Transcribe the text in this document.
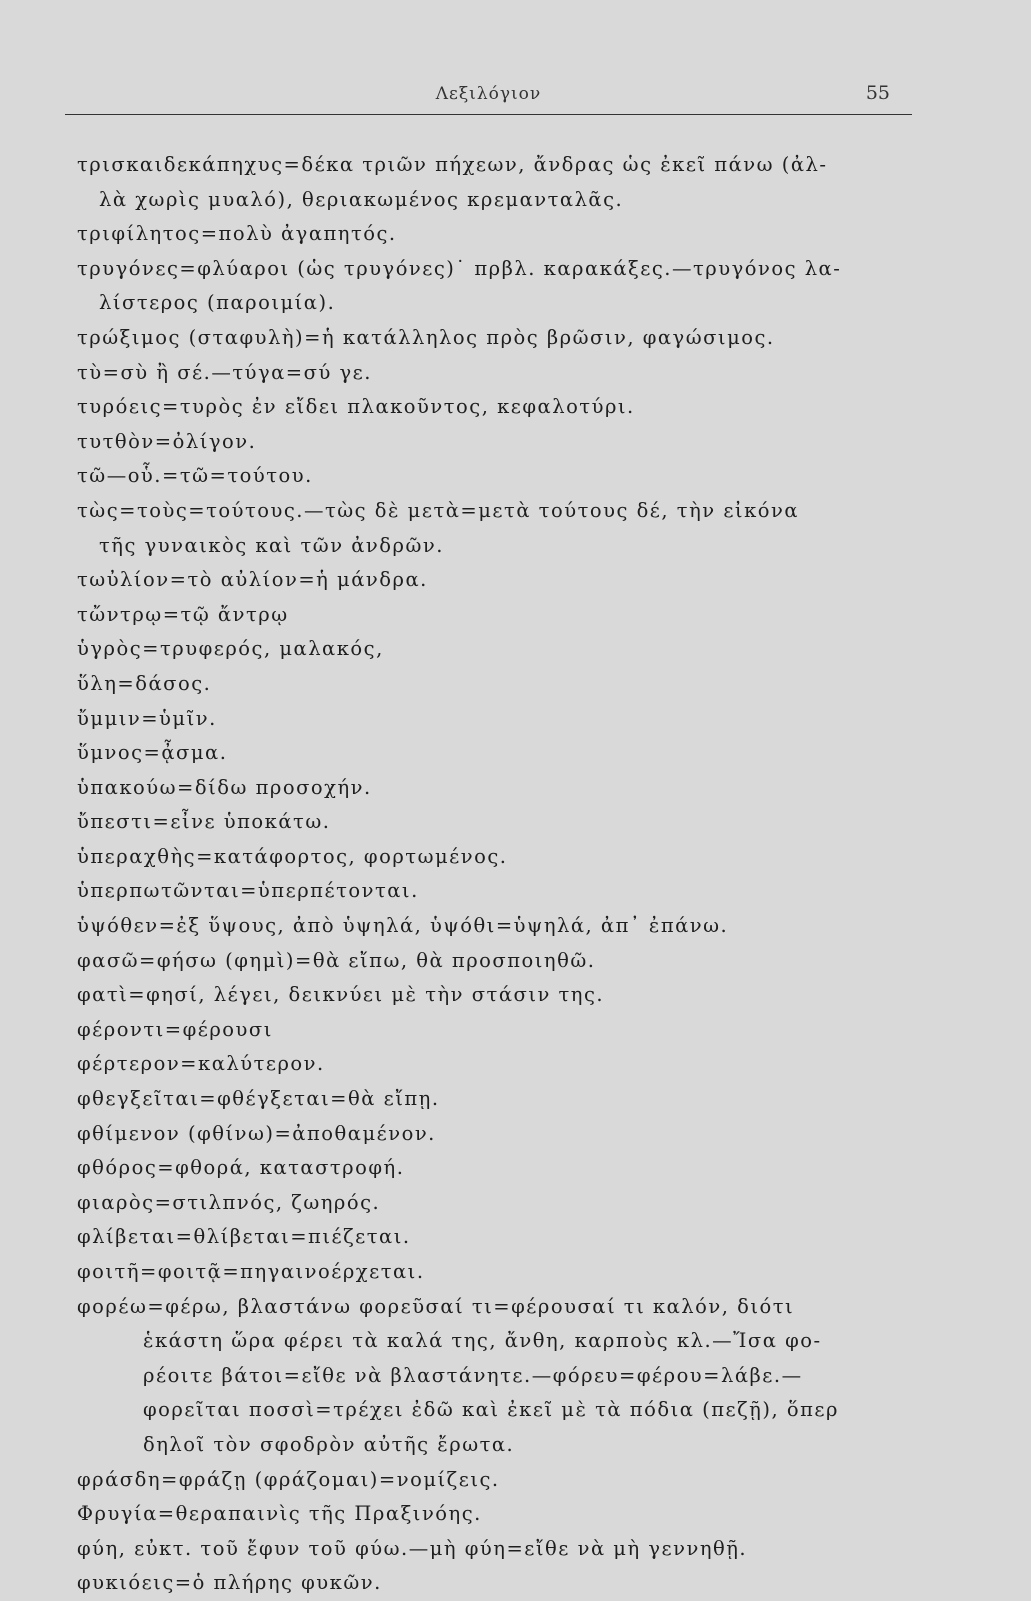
Λεξιλόγιον	55

τρισκαιδεκάπηχυς=δέκα τριῶν πήχεων, ἄνδρας ὡς ἐκεῖ πάνω (ἀλ-
λὰ χωρὶς μυαλό), θεριακωμένος κρεμανταλᾶς.

τριφίλητος=πολὺ ἀγαπητός.

τρυγόνες=φλύαροι (ὡς τρυγόνες)˙ πρβλ. καρακάξες.—τρυγόνος λα-
λίστερος (παροιμία).

τρώξιμος (σταφυλὴ)=ἡ κατάλληλος πρὸς βρῶσιν, φαγώσιμος.

τὺ=σὺ ἢ σέ.—τύγα=σύ γε.

τυρόεις=τυρὸς ἐν εἴδει πλακοῦντος, κεφαλοτύρι.

τυτθὸν=ὀλίγον.

τῶ—οὗ.=τῶ=τούτου.

τὼς=τοὺς=τούτους.—τὼς δὲ μετὰ=μετὰ τούτους δέ, τὴν εἰκόνα
τῆς γυναικὸς καὶ τῶν ἀνδρῶν.

τωὐλίον=τὸ αὐλίον=ἡ μάνδρα.

τὤντρῳ=τῷ ἄντρῳ

ὑγρὸς=τρυφερός, μαλακός,

ὕλη=δάσος.

ὔμμιν=ὑμῖν.

ὕμνος=ᾆσμα.

ὑπακούω=δίδω προσοχήν.

ὔπεστι=εἶνε ὑποκάτω.

ὑπεραχθὴς=κατάφορτος, φορτωμένος.

ὑπερπωτῶνται=ὑπερπέτονται.

ὑψόθεν=ἐξ ὕψους, ἀπὸ ὑψηλά, ὑψόθι=ὑψηλά, ἀπ᾿ ἐπάνω.

φασῶ=φήσω (φημὶ)=θὰ εἴπω, θὰ προσποιηθῶ.

φατὶ=φησί, λέγει, δεικνύει μὲ τὴν στάσιν της.

φέροντι=φέρουσι

φέρτερον=καλύτερον.

φθεγξεῖται=φθέγξεται=θὰ εἴπῃ.

φθίμενον (φθίνω)=ἀποθαμένον.

φθόρος=φθορά, καταστροφή.

φιαρὸς=στιλπνός, ζωηρός.

φλίβεται=θλίβεται=πιέζεται.

φοιτῆ=φοιτᾷ=πηγαινοέρχεται.

φορέω=φέρω, βλαστάνω φορεῦσαί τι=φέρουσαί τι καλόν, διότι
ἑκάστη ὥρα φέρει τὰ καλά της, ἄνθη, καρποὺς κλ.—Ἴσα φο-
ρέοιτε βάτοι=εἴθε νὰ βλαστάνητε.—φόρευ=φέρου=λάβε.—
φορεῖται ποσσὶ=τρέχει ἐδῶ καὶ ἐκεῖ μὲ τὰ πόδια (πεζῇ), ὅπερ
δηλοῖ τὸν σφοδρὸν αὐτῆς ἔρωτα.

φράσδη=φράζῃ (φράζομαι)=νομίζεις.

Φρυγία=θεραπαινὶς τῆς Πραξινόης.

φύη, εὐκτ. τοῦ ἔφυν τοῦ φύω.—μὴ φύη=εἴθε νὰ μὴ γεννηθῇ.

φυκιόεις=ὁ πλήρης φυκῶν.
